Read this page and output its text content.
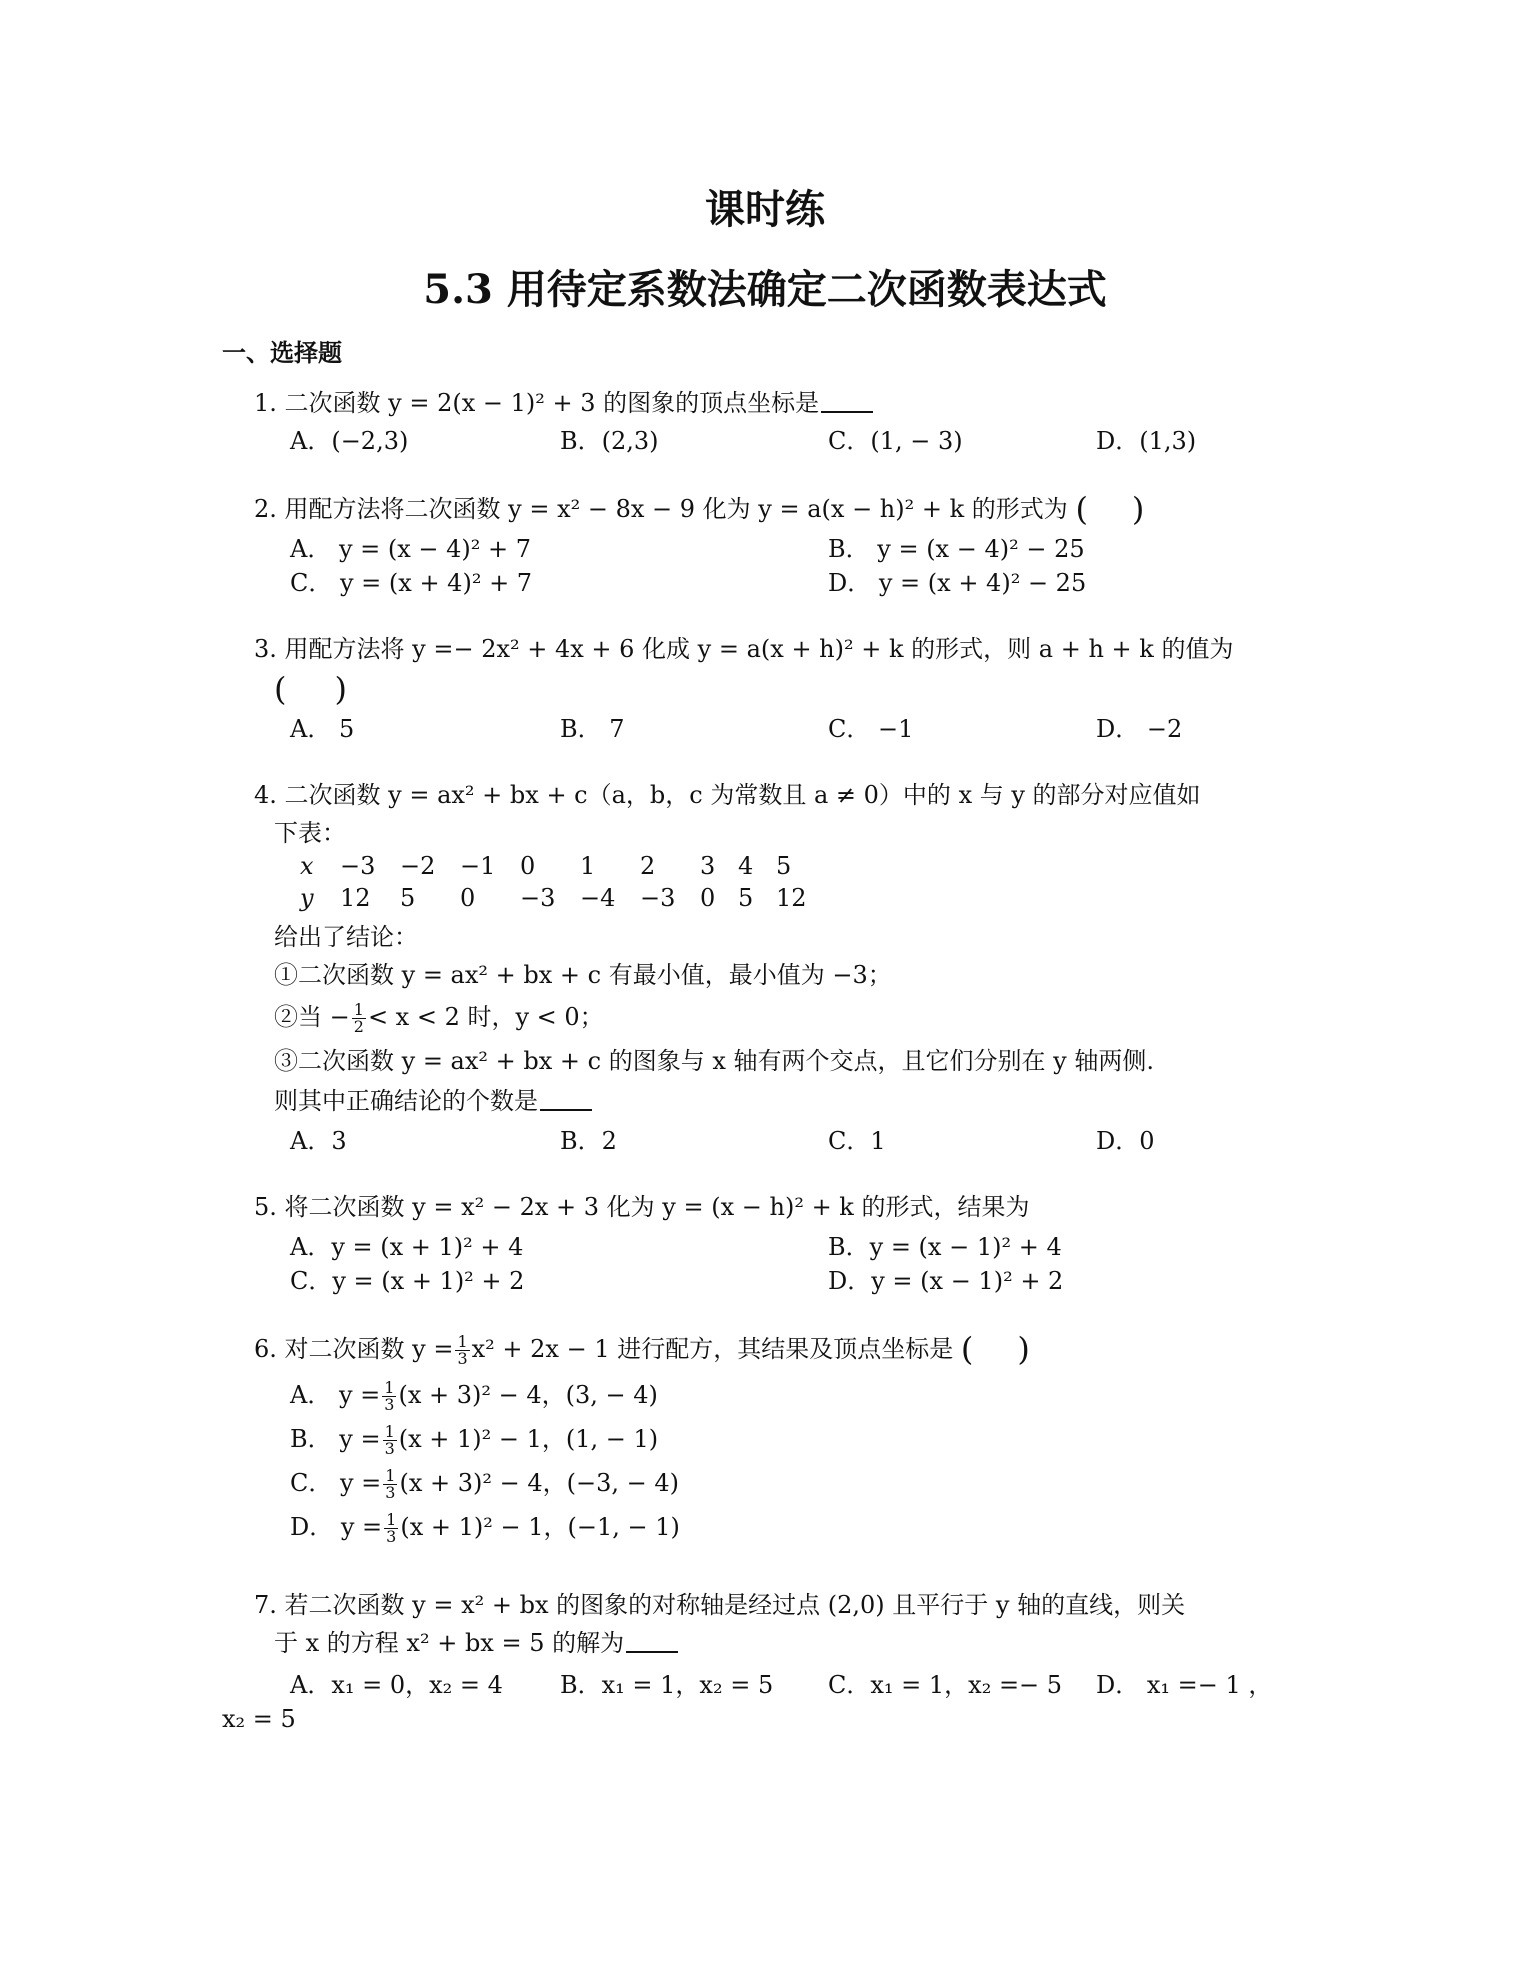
课时练
5.3 用待定系数法确定二次函数表达式
一、选择题
1. 二次函数 y = 2(x − 1)² + 3 的图象的顶点坐标是
A．(−2,3)	B．(2,3)	C．(1, − 3)	D．(1,3)
2. 用配方法将二次函数 y = x² − 8x − 9 化为 y = a(x − h)² + k 的形式为 ( )
A． y = (x − 4)² + 7	B． y = (x − 4)² − 25
C． y = (x + 4)² + 7	D． y = (x + 4)² − 25
3. 用配方法将 y =− 2x² + 4x + 6 化成 y = a(x + h)² + k 的形式，则 a + h + k 的值为
( )
A． 5	B． 7	C． −1	D． −2
4. 二次函数 y = ax² + bx + c（a，b，c 为常数且 a ≠ 0）中的 x 与 y 的部分对应值如
下表：
x −3 −2 −1 0 1 2 3 4 5
y 12 5 0 −3 −4 −3 0 5 12
给出了结论：
①二次函数 y = ax² + bx + c 有最小值，最小值为 −3；
②当 − $\frac{1}{2} < x < 2$ 时，y < 0；
③二次函数 y = ax² + bx + c 的图象与 x 轴有两个交点，且它们分别在 y 轴两侧.
则其中正确结论的个数是
A．3	B．2	C．1	D．0
5. 将二次函数 y = x² − 2x + 3 化为 y = (x − h)² + k 的形式，结果为
A．y = (x + 1)² + 4	B．y = (x − 1)² + 4
C．y = (x + 1)² + 2	D．y = (x − 1)² + 2
6. 对二次函数 $y = \frac{1}{3} x^2 + 2x - 1$ 进行配方，其结果及顶点坐标是 ( )
A． $y = \frac{1}{3} (x + 3)^2 - 4$，(3, − 4)
B． $y = \frac{1}{3} (x + 1)^2 - 1$，(1, − 1)
C． $y = \frac{1}{3} (x + 3)^2 - 4$，(−3, − 4)
D． $y = \frac{1}{3} (x + 1)^2 - 1$，(−1, − 1)
7. 若二次函数 y = x² + bx 的图象的对称轴是经过点 (2,0) 且平行于 y 轴的直线，则关
于 x 的方程 x² + bx = 5 的解为
A．x₁ = 0，x₂ = 4 B．x₁ = 1，x₂ = 5 C．x₁ = 1，x₂ =− 5 D． x₁ =− 1 ，
x₂ = 5
